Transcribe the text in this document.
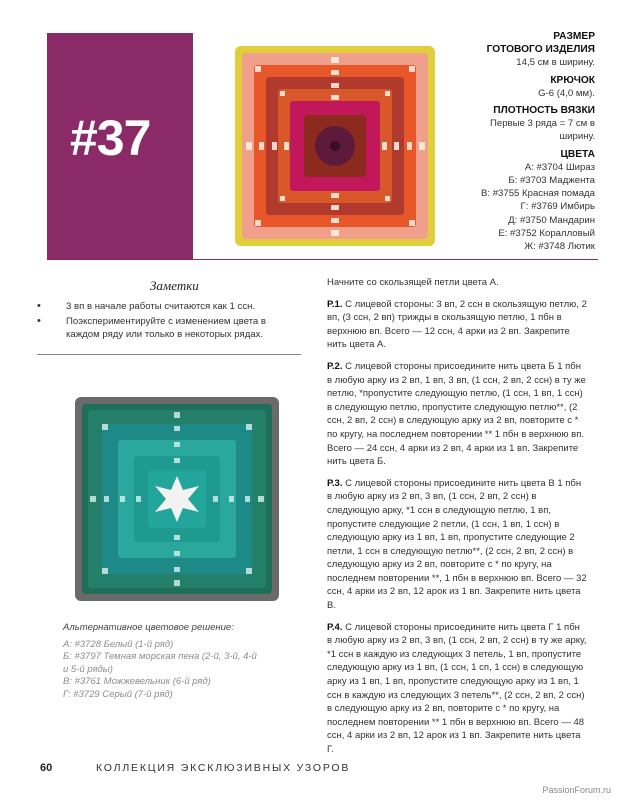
#37
РАЗМЕР
ГОТОВОГО ИЗДЕЛИЯ
14,5 см в ширину.
КРЮЧОК
G-6 (4,0 мм).
ПЛОТНОСТЬ ВЯЗКИ
Первые 3 ряда = 7 см в
ширину.
ЦВЕТА
А: #3704 Шираз
Б: #3703 Маджента
В: #3755 Красная помада
Г: #3769 Имбирь
Д: #3750 Мандарин
Е: #3752 Коралловый
Ж: #3748 Лютик
Заметки
•	3 вп в начале работы считаются как 1 ссн.
•	Поэкспериментируйте с изменением цвета в каждом ряду или только в некоторых рядах.
Альтернативное цветовое решение:
А: #3728 Белый (1-й ряд)
Б: #3797 Темная морская пена (2-й, 3-й, 4-й
и 5-й ряды)
В: #3761 Можжевельник (6-й ряд)
Г: #3729 Серый (7-й ряд)

Начните со скользящей петли цвета А.

Р.1. С лицевой стороны: 3 вп, 2 ссн в скользящую петлю, 2 вп, (3 ссн, 2 вп) трижды в скользящую петлю, 1 пбн в верхнюю вп. Всего — 12 ссн, 4 арки из 2 вп. Закрепите нить цвета А.

Р.2. С лицевой стороны присоедините нить цвета Б 1 пбн в любую арку из 2 вп, 1 вп, 3 вп, (1 ссн, 2 вп, 2 ссн) в ту же петлю, *пропустите следующую петлю, (1 ссн, 1 вп, 1 ссн) в следующую петлю, пропустите следующую петлю**, (2 ссн, 2 вп, 2 ссн) в следующую арку из 2 вп, повторите с * по кругу, на последнем повторении ** 1 пбн в верхнюю вп. Всего — 24 ссн, 4 арки из 2 вп, 4 арки из 1 вп. Закрепите нить цвета Б.

Р.3. С лицевой стороны присоедините нить цвета В 1 пбн в любую арку из 2 вп, 3 вп, (1 ссн, 2 вп, 2 ссн) в следующую арку, *1 ссн в следующую петлю, 1 вп, пропустите следующие 2 петли, (1 ссн, 1 вп, 1 ссн) в следующую арку из 1 вп, 1 вп, пропустите следующие 2 петли, 1 ссн в следующую петлю**, (2 ссн, 2 вп, 2 ссн) в следующую арку из 2 вп, повторите с * по кругу, на последнем повторении **, 1 пбн в верхнюю вп. Всего — 32 ссн, 4 арки из 2 вп, 12 арок из 1 вп. Закрепите нить цвета В.

Р.4. С лицевой стороны присоедините нить цвета Г 1 пбн в любую арку из 2 вп, 3 вп, (1 ссн, 2 вп, 2 ссн) в ту же арку, *1 ссн в каждую из следующих 3 петель, 1 вп, пропустите следующую арку из 1 вп, (1 ссн, 1 сп, 1 ссн) в следующую арку из 1 вп, 1 вп, пропустите следующую арку из 1 вп, 1 ссн в каждую из следующих 3 петель**, (2 ссн, 2 вп, 2 ссн) в следующую арку из 2 вп, повторите с * по кругу, на последнем повторении ** 1 пбн в верхнюю вп. Всего — 48 ссн, 4 арки из 2 вп, 12 арок из 1 вп. Закрепите нить цвета Г.

60	КОЛЛЕКЦИЯ ЭКСКЛЮЗИВНЫХ УЗОРОВ
PassionForum.ru
